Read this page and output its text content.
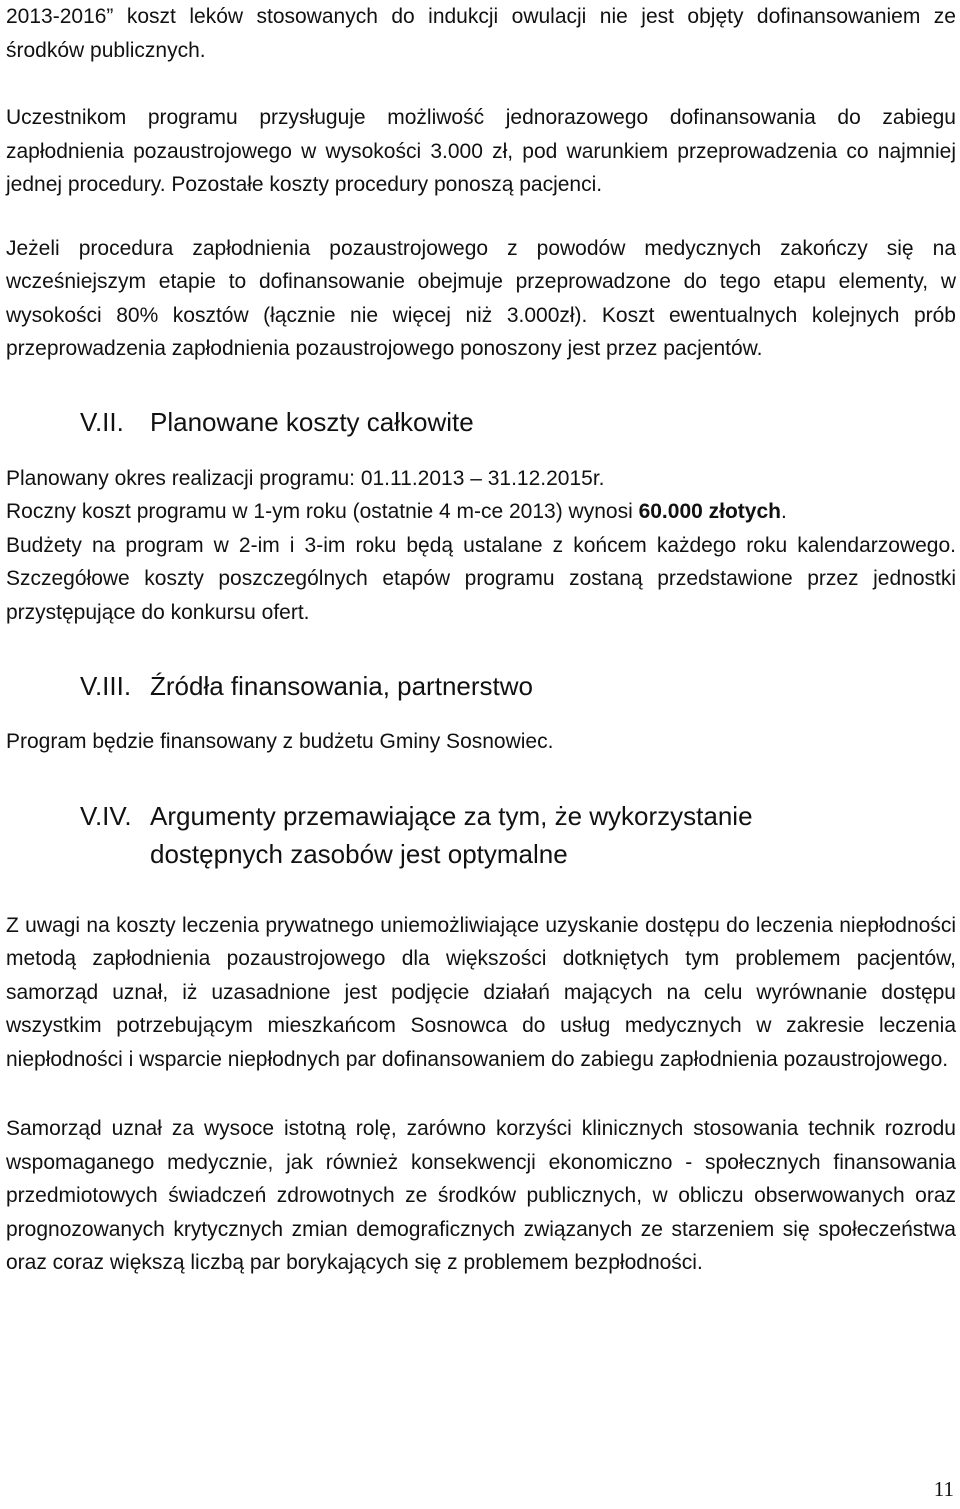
2013-2016” koszt leków stosowanych do indukcji owulacji nie jest objęty dofinansowaniem ze środków publicznych.

Uczestnikom programu przysługuje możliwość jednorazowego dofinansowania do zabiegu zapłodnienia pozaustrojowego w wysokości 3.000 zł, pod warunkiem przeprowadzenia co najmniej jednej procedury. Pozostałe koszty procedury ponoszą pacjenci.

Jeżeli procedura zapłodnienia pozaustrojowego z powodów medycznych zakończy się na wcześniejszym etapie to dofinansowanie obejmuje przeprowadzone do tego etapu elementy, w wysokości 80% kosztów (łącznie nie więcej niż 3.000zł). Koszt ewentualnych kolejnych prób przeprowadzenia zapłodnienia pozaustrojowego ponoszony jest przez pacjentów.

V.II. Planowane koszty całkowite

Planowany okres realizacji programu: 01.11.2013 – 31.12.2015r.

Roczny koszt programu w 1-ym roku (ostatnie 4 m-ce 2013) wynosi 60.000 złotych.

Budżety na program w 2-im i 3-im roku będą ustalane z końcem każdego roku kalendarzowego. Szczegółowe koszty poszczególnych etapów programu zostaną przedstawione przez jednostki przystępujące do konkursu ofert.

V.III. Źródła finansowania, partnerstwo

Program będzie finansowany z budżetu Gminy Sosnowiec.

V.IV. Argumenty przemawiające za tym, że wykorzystanie
dostępnych zasobów jest optymalne

Z uwagi na koszty leczenia prywatnego uniemożliwiające uzyskanie dostępu do leczenia niepłodności metodą zapłodnienia pozaustrojowego dla większości dotkniętych tym problemem pacjentów, samorząd uznał, iż uzasadnione jest podjęcie działań mających na celu wyrównanie dostępu wszystkim potrzebującym mieszkańcom Sosnowca do usług medycznych w zakresie leczenia niepłodności i wsparcie niepłodnych par dofinansowaniem do zabiegu zapłodnienia pozaustrojowego.

Samorząd uznał za wysoce istotną rolę, zarówno korzyści klinicznych stosowania technik rozrodu wspomaganego medycznie, jak również konsekwencji ekonomiczno - społecznych finansowania przedmiotowych świadczeń zdrowotnych ze środków publicznych, w obliczu obserwowanych oraz prognozowanych krytycznych zmian demograficznych związanych ze starzeniem się społeczeństwa oraz coraz większą liczbą par borykających się z problemem bezpłodności.

11
